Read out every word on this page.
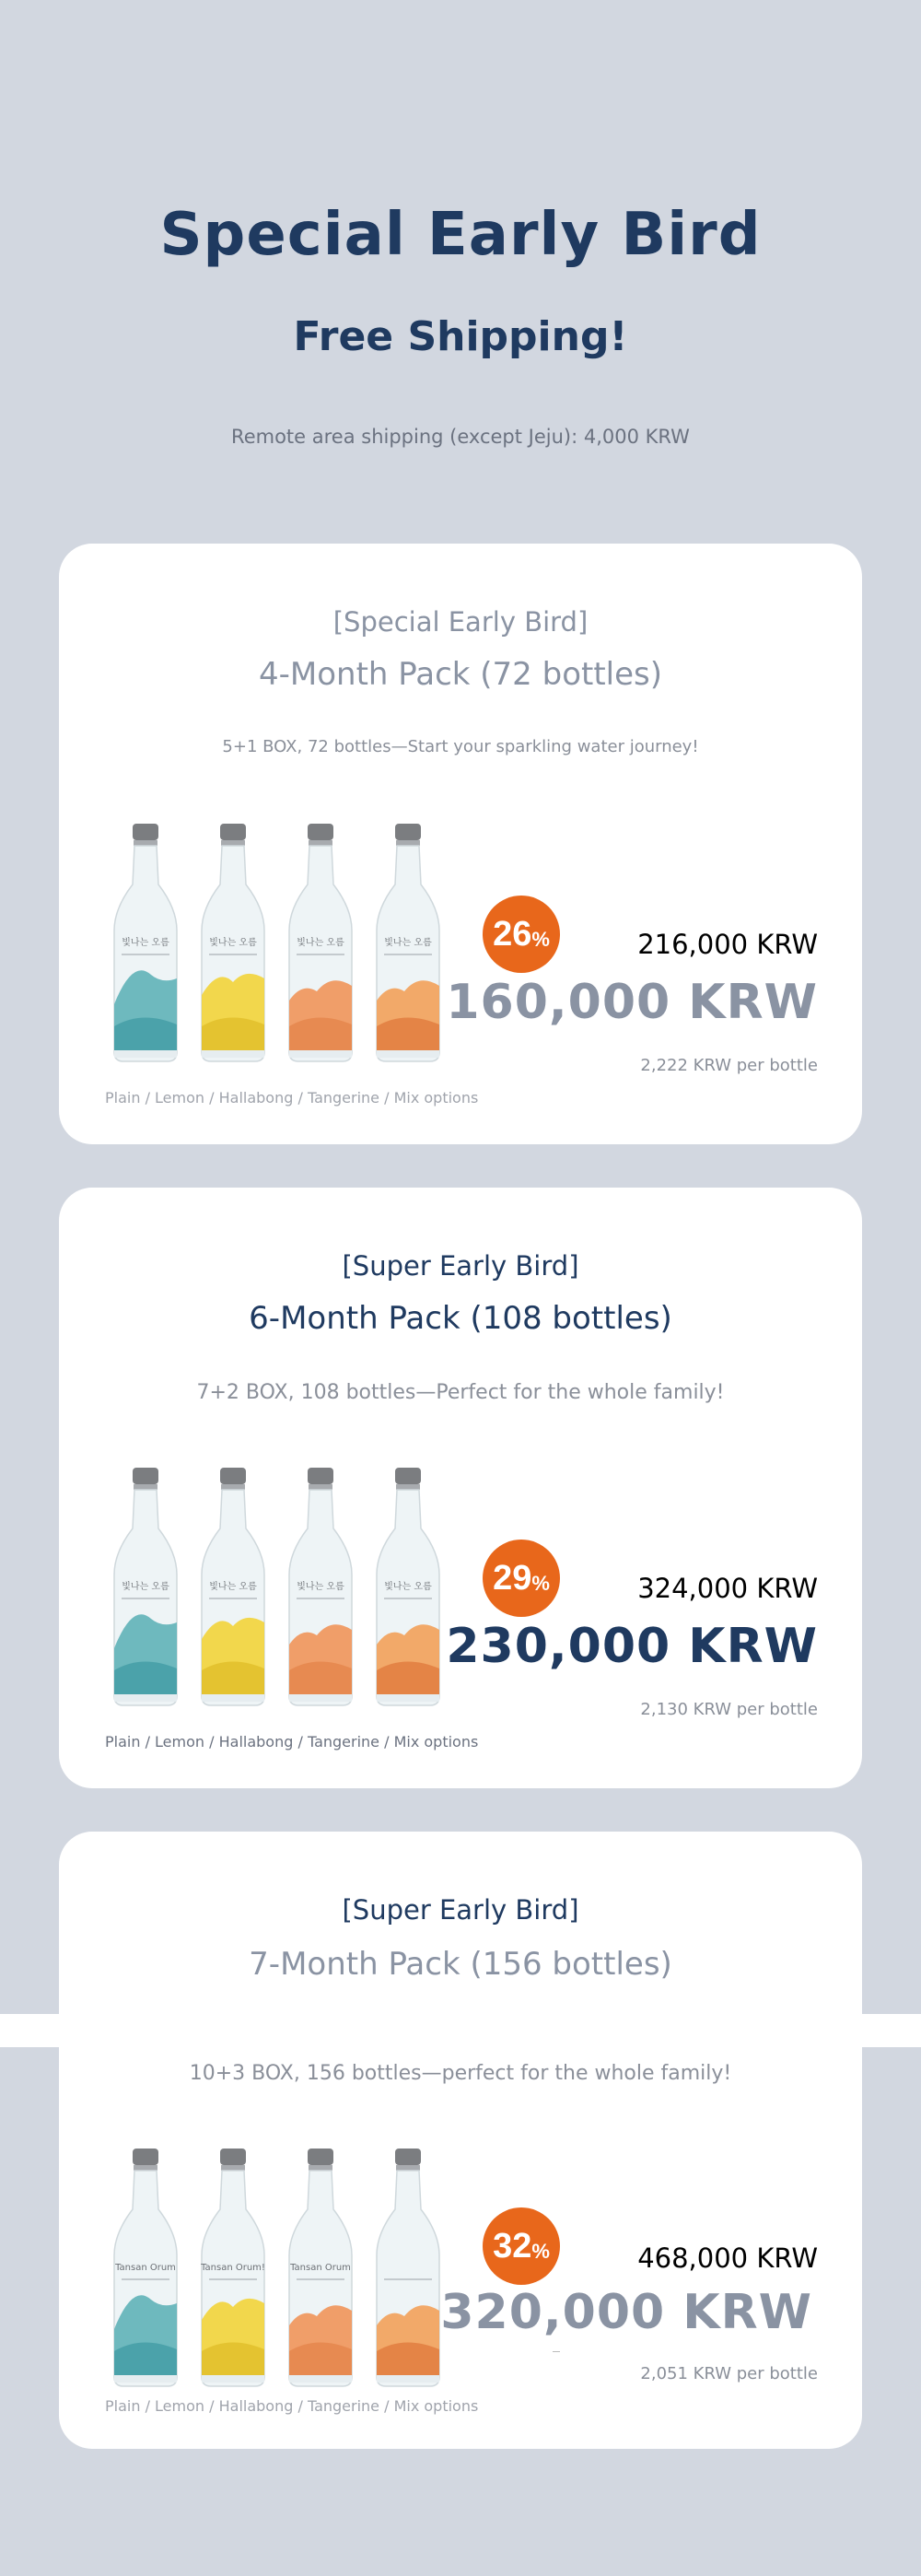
Special Early Bird
Free Shipping!
Remote area shipping (except Jeju): 4,000 KRW
[Special Early Bird]
4-Month Pack (72 bottles)
5+1 BOX, 72 bottles—Start your sparkling water journey!
빛나는 오름	빛나는 오름	빛나는 오름	빛나는 오름 26 %	216,000 KRW
160,000 KRW
2,222 KRW per bottle
Plain / Lemon / Hallabong / Tangerine / Mix options
[Super Early Bird]
6-Month Pack (108 bottles)
7+2 BOX, 108 bottles—Perfect for the whole family!
빛나는 오름	빛나는 오름	빛나는 오름	빛나는 오름 29 %	324,000 KRW
230,000 KRW
2,130 KRW per bottle
Plain / Lemon / Hallabong / Tangerine / Mix options
[Super Early Bird]
7-Month Pack (156 bottles)
10+3 BOX, 156 bottles—perfect for the whole family!
Tansan Orum	Tansan Orum!	Tansan Orum
32 %	468,000 KRW
320,000 KRW
2,051 KRW per bottle
Plain / Lemon / Hallabong / Tangerine / Mix options
